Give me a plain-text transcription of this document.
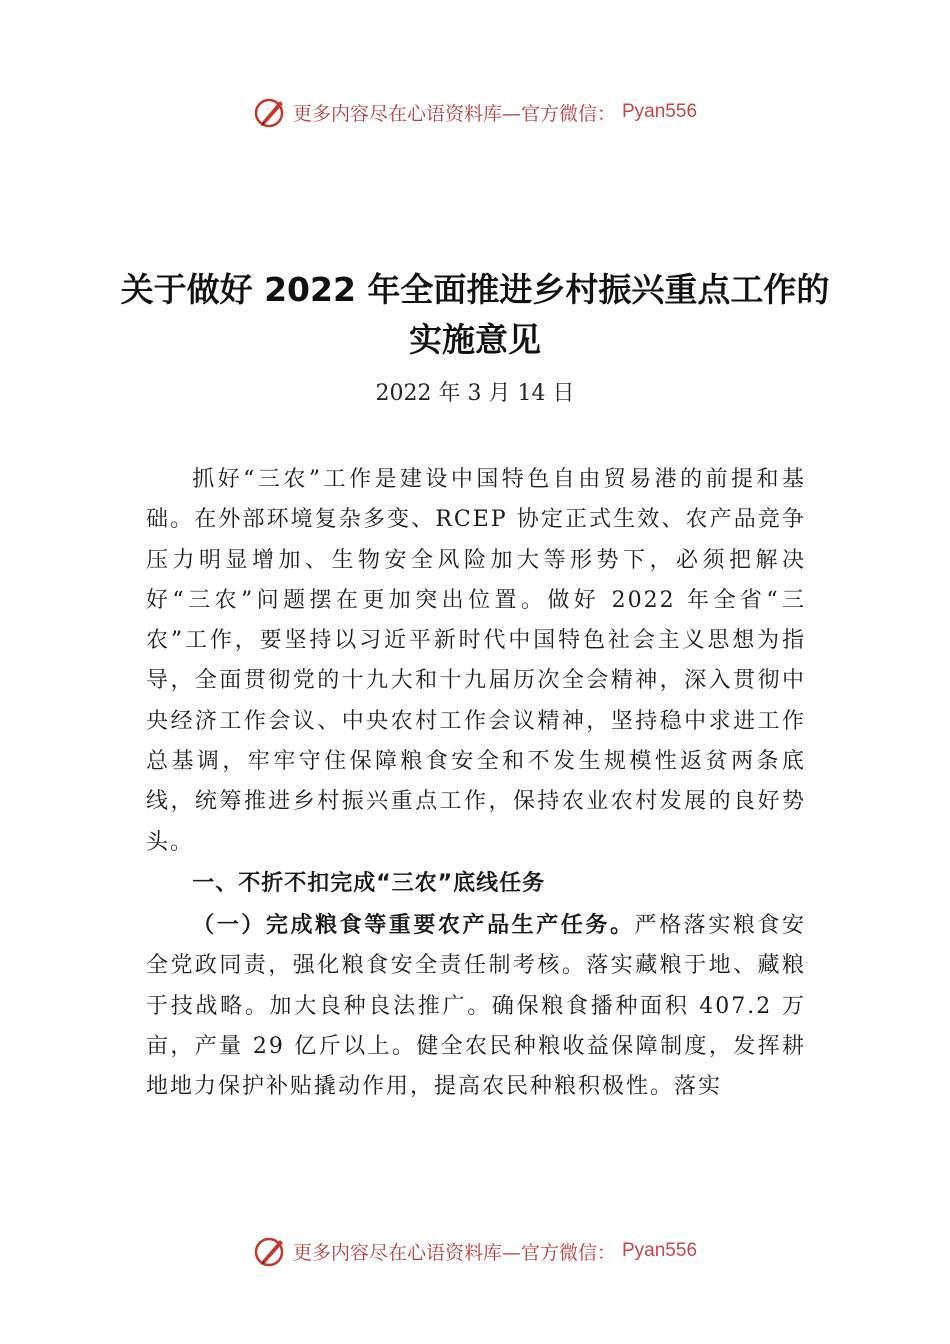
更多内容尽在心语资料库—官方微信： Pyan556
关于做好 2022 年全面推进乡村振兴重点工作的实施意见
2022 年 3 月 14 日

抓好“三农”工作是建设中国特色自由贸易港的前提和基础。在外部环境复杂多变、RCEP 协定正式生效、农产品竞争压力明显增加、生物安全风险加大等形势下，必须把解决好“三农”问题摆在更加突出位置。做好 2022 年全省“三农”工作，要坚持以习近平新时代中国特色社会主义思想为指导，全面贯彻党的十九大和十九届历次全会精神，深入贯彻中央经济工作会议、中央农村工作会议精神，坚持稳中求进工作总基调，牢牢守住保障粮食安全和不发生规模性返贫两条底线，统筹推进乡村振兴重点工作，保持农业农村发展的良好势头。

一、不折不扣完成“三农”底线任务

（一）完成粮食等重要农产品生产任务。严格落实粮食安全党政同责，强化粮食安全责任制考核。落实藏粮于地、藏粮于技战略。加大良种良法推广。确保粮食播种面积 407.2 万亩，产量 29 亿斤以上。健全农民种粮收益保障制度，发挥耕地地力保护补贴撬动作用，提高农民种粮积极性。落实

更多内容尽在心语资料库—官方微信： Pyan556
